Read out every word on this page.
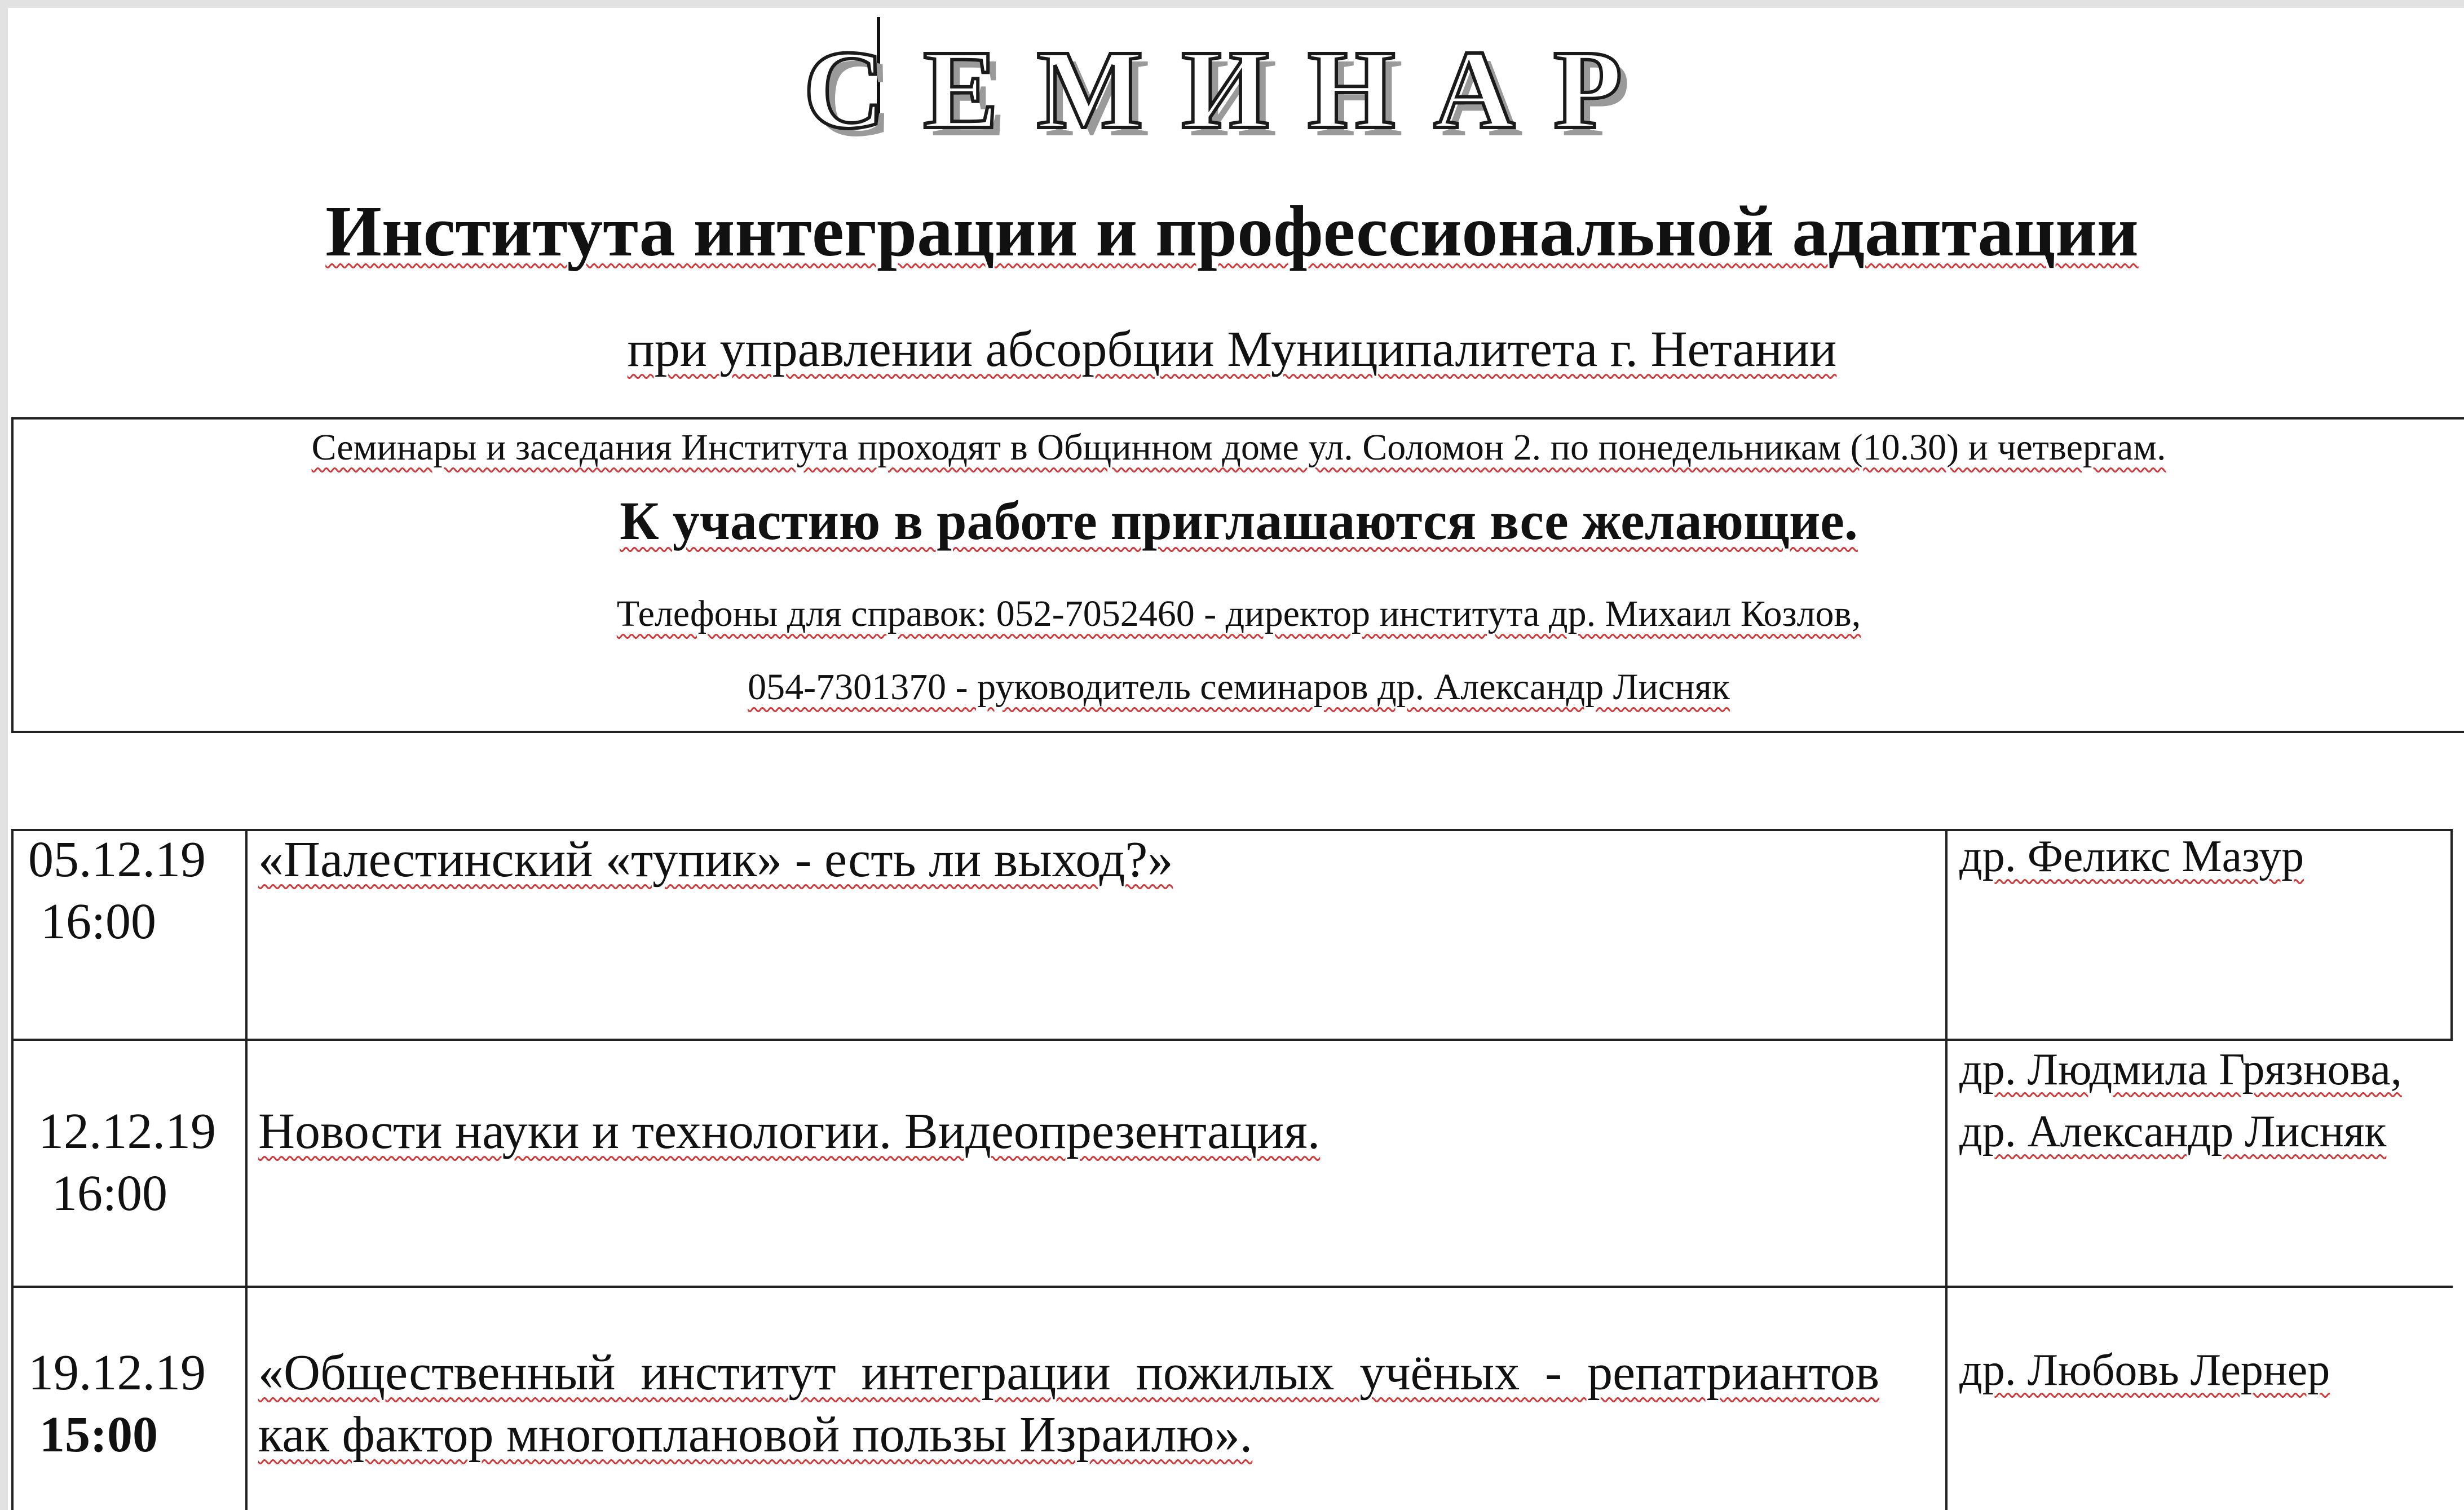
СЕМИНАР
Института интеграции и профессиональной адаптации
при управлении абсорбции Муниципалитета г. Нетании
Семинары и заседания Института проходят в Общинном доме ул. Соломон 2. по понедельникам (10.30) и четвергам.
К участию в работе приглашаются все желающие.
Телефоны для справок: 052-7052460 - директор института др. Михаил Козлов,
054-7301370 - руководитель семинаров др. Александр Лисняк
05.12.19
16:00
«Палестинский «тупик» - есть ли выход?»	др. Феликс Мазур
12.12.19
16:00
Новости науки и технологии. Видеопрезентация.
др. Людмила Грязнова,
др. Александр Лисняк
19.12.19
15:00
«Общественный  институт  интеграции  пожилых  учёных  -  репатриантов
как фактор многоплановой пользы Израилю».
др. Любовь Лернер
